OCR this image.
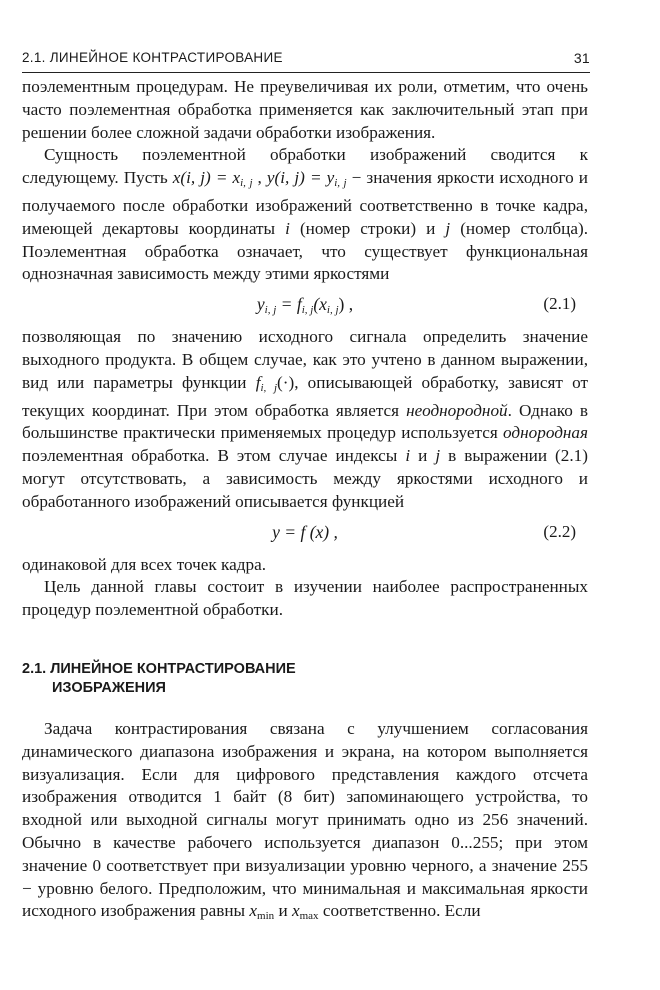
2.1. ЛИНЕЙНОЕ КОНТРАСТИРОВАНИЕ	31

поэлементным процедурам. Не преувеличивая их роли, отметим, что очень часто поэлементная обработка применяется как заключительный этап при решении более сложной задачи обработки изображения.

Сущность поэлементной обработки изображений сводится к следующему. Пусть x(i, $j) = x_{i, j}$ , y(i, $j) = y_{i, j}$ − значения яркости исходного и получаемого после обработки изображений соответственно в точке кадра, имеющей декартовы координаты i (номер строки) и j (номер столбца). Поэлементная обработка означает, что существует функциональная однозначная зависимость между этими яркостями

$y_{i, j} = f_{i, j}(x_{i, j})$ ,	(2.1)

позволяющая по значению исходного сигнала определить значение выходного продукта. В общем случае, как это учтено в данном выражении, вид или параметры функции $f_{i, j}(\cdot)$, описывающей обработку, зависят от текущих координат. При этом обработка является неоднородной. Однако в большинстве практически применяемых процедур используется однородная поэлементная обработка. В этом случае индексы i и j в выражении (2.1) могут отсутствовать, а зависимость между яркостями исходного и обработанного изображений описывается функцией

y = f (x) ,	(2.2)

одинаковой для всех точек кадра.

Цель данной главы состоит в изучении наиболее распространенных процедур поэлементной обработки.

2.1. ЛИНЕЙНОЕ КОНТРАСТИРОВАНИЕ
ИЗОБРАЖЕНИЯ

Задача контрастирования связана с улучшением согласования динамического диапазона изображения и экрана, на котором выполняется визуализация. Если для цифрового представления каждого отсчета изображения отводится 1 байт (8 бит) запоминающего устройства, то входной или выходной сигналы могут принимать одно из 256 значений. Обычно в качестве рабочего используется диапазон 0...255; при этом значение 0 соответствует при визуализации уровню черного, а значение 255 − уровню белого. Предположим, что минимальная и максимальная яркости исходного изображения равны xmin и xmax соответственно. Если
